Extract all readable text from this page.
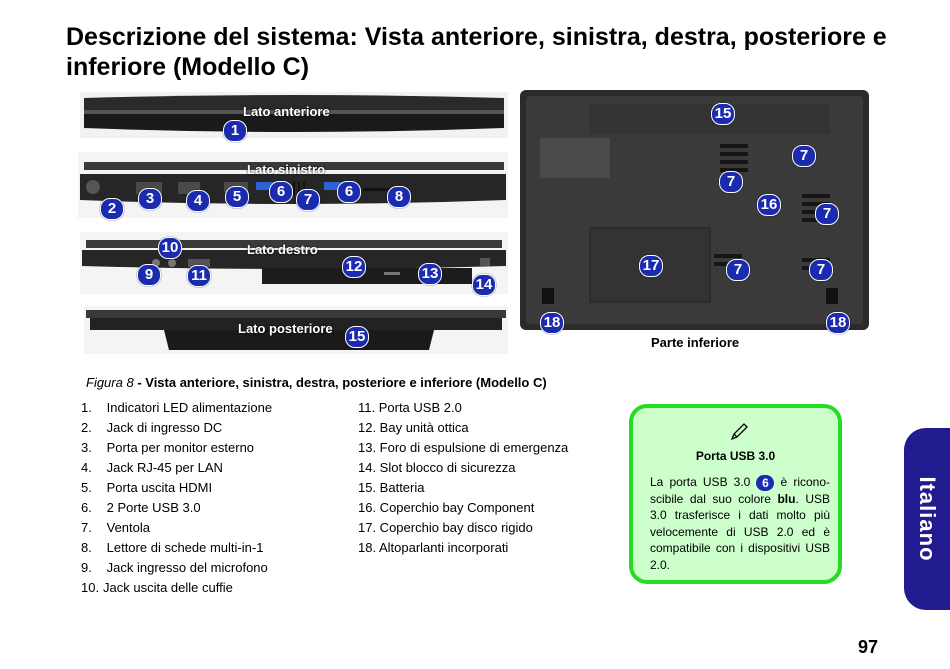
Descrizione del sistema: Vista anteriore, sinistra, destra, posteriore e inferiore (Modello C)
Lato anteriore
Lato sinistro
Lato destro
Lato posteriore
Parte inferiore
1
2
3	4	5	6	7	6	8
10
9	11
12	13
14
15
15
7
7
16
7
17	7	7
18	18
Figura 8 - Vista anteriore, sinistra, destra, posteriore e inferiore (Modello C)
1. Indicatori LED alimentazione
2. Jack di ingresso DC
3. Porta per monitor esterno
4. Jack RJ-45 per LAN
5. Porta uscita HDMI
6. 2 Porte USB 3.0
7. Ventola
8. Lettore di schede multi-in-1
9. Jack ingresso del microfono
10. Jack uscita delle cuffie
11. Porta USB 2.0
12. Bay unità ottica
13. Foro di espulsione di emergenza
14. Slot blocco di sicurezza
15. Batteria
16. Coperchio bay Component
17. Coperchio bay disco rigido
18. Altoparlanti incorporati
Porta USB 3.0
La porta USB 3.0 6 è ricono-scibile dal suo colore blu. USB 3.0 trasferisce i dati molto più velocemente di USB 2.0 ed è compatibile con i dispositivi USB 2.0.
Italiano
97
